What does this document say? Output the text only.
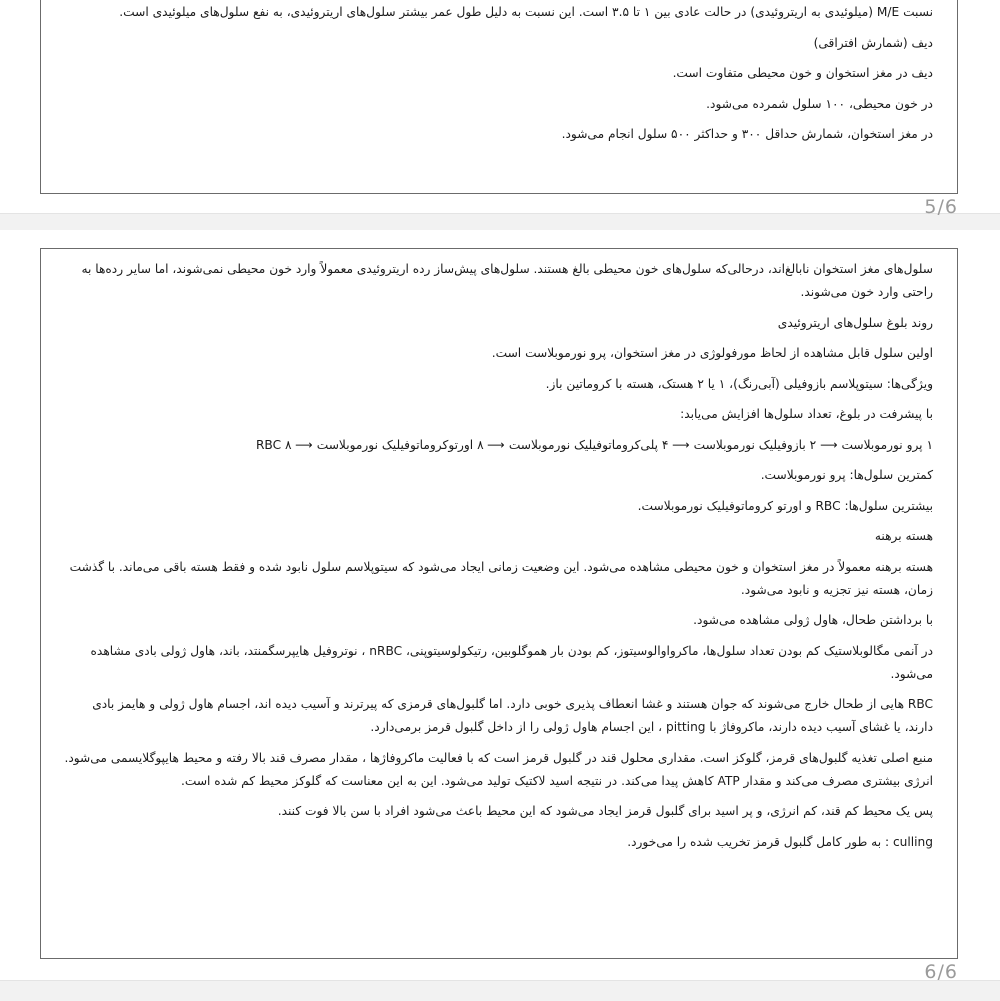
نسبت M/E (میلوئیدی به اریتروئیدی) در حالت عادی بین ۱ تا ۳.۵ است. این نسبت به دلیل طول عمر بیشتر سلول‌های اریتروئیدی، به نفع سلول‌های میلوئیدی است.

دیف (شمارش افتراقی)

دیف در مغز استخوان و خون محیطی متفاوت است.

در خون محیطی، ۱۰۰ سلول شمرده می‌شود.

در مغز استخوان، شمارش حداقل ۳۰۰ و حداکثر ۵۰۰ سلول انجام می‌شود.

5/6

سلول‌های مغز استخوان نابالغ‌اند، درحالی‌که سلول‌های خون محیطی بالغ هستند. سلول‌های پیش‌ساز رده اریتروئیدی معمولاً وارد خون محیطی نمی‌شوند، اما سایر رده‌ها به راحتی وارد خون می‌شوند.

روند بلوغ سلول‌های اریتروئیدی

اولین سلول قابل مشاهده از لحاظ مورفولوژی در مغز استخوان، پرو نورموبلاست است.

ویژگی‌ها: سیتوپلاسم بازوفیلی (آبی‌رنگ)، ۱ یا ۲ هستک، هسته با کروماتین باز.

با پیشرفت در بلوغ، تعداد سلول‌ها افزایش می‌یابد:

۱ پرو نورموبلاست ⟵ ۲ بازوفیلیک نورموبلاست ⟵ ۴ پلی‌کروماتوفیلیک نورموبلاست ⟵ ۸ اورتوکروماتوفیلیک نورموبلاست ⟵ ۸ RBC

کمترین سلول‌ها: پرو نورموبلاست.

بیشترین سلول‌ها: RBC و اورتو کروماتوفیلیک نورموبلاست.

هسته برهنه

هسته برهنه معمولاً در مغز استخوان و خون محیطی مشاهده می‌شود. این وضعیت زمانی ایجاد می‌شود که سیتوپلاسم سلول نابود شده و فقط هسته باقی می‌ماند. با گذشت زمان، هسته نیز تجزیه و نابود می‌شود.

با برداشتن طحال، هاول ژولی مشاهده می‌شود.

در آنمی مگالوبلاستیک کم بودن تعداد سلول‌ها، ماکرواوالوسیتوز، کم بودن بار هموگلوبین، رتیکولوسیتوپنی، nRBC ، نوتروفیل هایپرسگمنتد، باند، هاول ژولی بادی مشاهده می‌شود.

RBC هایی از طحال خارج می‌شوند که جوان هستند و غشا انعطاف پذیری خوبی دارد. اما گلبول‌های قرمزی که پیرترند و آسیب دیده اند، اجسام هاول ژولی و هایمز بادی دارند، یا غشای آسیب دیده دارند، ماکروفاژ با pitting ، این اجسام هاول ژولی را از داخل گلبول قرمز برمی‌دارد.

منبع اصلی تغذیه گلبول‌های قرمز، گلوکز است. مقداری محلول قند در گلبول قرمز است که با فعالیت ماکروفاژها ، مقدار مصرف قند بالا رفته و محیط هایپوگلایسمی می‌شود. انرژی بیشتری مصرف می‌کند و مقدار ATP کاهش پیدا می‌کند. در نتیجه اسید لاکتیک تولید می‌شود. این به این معناست که گلوکز محیط کم شده است.

پس یک محیط کم قند، کم انرژی، و پر اسید برای گلبول قرمز ایجاد می‌شود که این محیط باعث می‌شود افراد با سن بالا فوت کنند.

culling : به طور کامل گلبول قرمز تخریب شده را می‌خورد.

6/6
